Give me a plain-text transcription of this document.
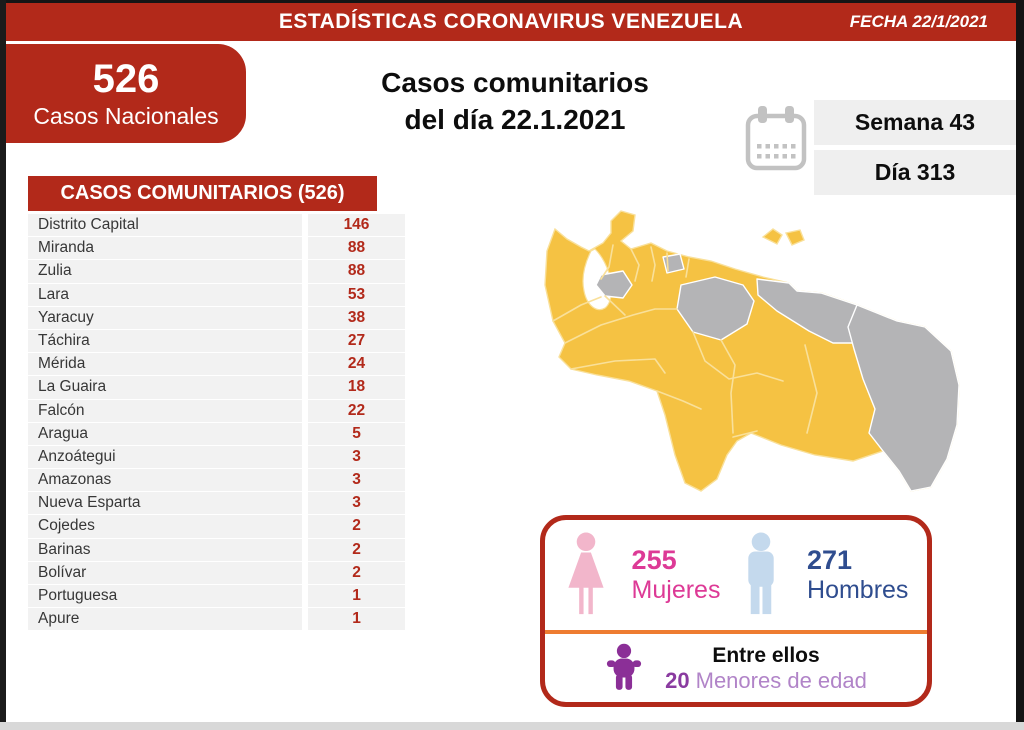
ESTADÍSTICAS CORONAVIRUS VENEZUELA	FECHA 22/1/2021
526
Casos Nacionales
Casos comunitarios
del día 22.1.2021	Semana 43
Día 313
CASOS COMUNITARIOS (526)
Distrito Capital	146
Miranda	88
Zulia	88
Lara	53
Yaracuy	38
Táchira	27
Mérida	24
La Guaira	18
Falcón	22
Aragua	5
Anzoátegui	3
Amazonas	3
Nueva Esparta	3
Cojedes	2
Barinas	2
Bolívar	2
Portuguesa	1
Apure	1
255
Mujeres
271
Hombres
Entre ellos
20 Menores de edad
